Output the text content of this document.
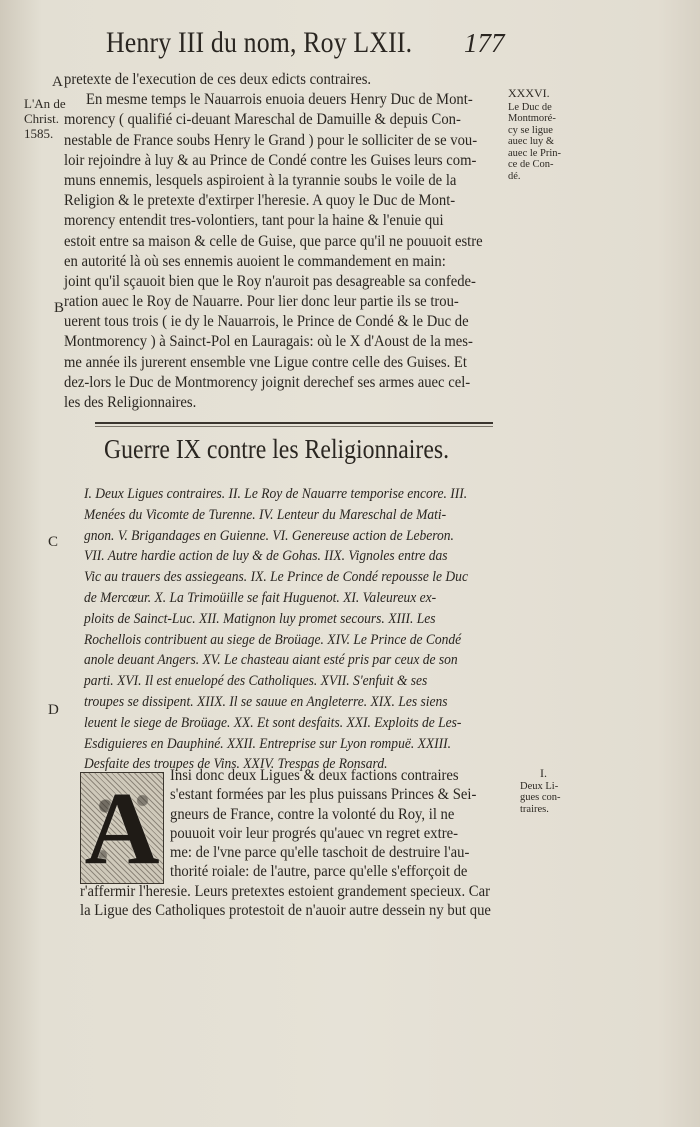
Henry III du nom, Roy LXII. 177
A
L'An de
Christ.
1585.
B
C
D
XXXVI.
Le Duc de
Montmoré-
cy se ligue
auec luy &
auec le Prin-
ce de Con-
dé.
pretexte de l'execution de ces deux edicts contraires.
En mesme temps le Nauarrois enuoia deuers Henry Duc de Mont-
morency ( qualifié ci-deuant Mareschal de Damuille & depuis Con-
nestable de France soubs Henry le Grand ) pour le solliciter de se vou-
loir rejoindre à luy & au Prince de Condé contre les Guises leurs com-
muns ennemis, lesquels aspiroient à la tyrannie soubs le voile de la
Religion & le pretexte d'extirper l'heresie. A quoy le Duc de Mont-
morency entendit tres-volontiers, tant pour la haine & l'enuie qui
estoit entre sa maison & celle de Guise, que parce qu'il ne pouuoit estre
en autorité là où ses ennemis auoient le commandement en main:
joint qu'il sçauoit bien que le Roy n'auroit pas desagreable sa confede-
ration auec le Roy de Nauarre. Pour lier donc leur partie ils se trou-
uerent tous trois ( ie dy le Nauarrois, le Prince de Condé & le Duc de
Montmorency ) à Sainct-Pol en Lauragais: où le X d'Aoust de la mes-
me année ils jurerent ensemble vne Ligue contre celle des Guises. Et
dez-lors le Duc de Montmorency joignit derechef ses armes auec cel-
les des Religionnaires.
Guerre IX contre les Religionnaires.
I. Deux Ligues contraires. II. Le Roy de Nauarre temporise encore. III.
Menées du Vicomte de Turenne. IV. Lenteur du Mareschal de Mati-
gnon. V. Brigandages en Guienne. VI. Genereuse action de Leberon.
VII. Autre hardie action de luy & de Gohas. IIX. Vignoles entre das
Vic au trauers des assiegeans. IX. Le Prince de Condé repousse le Duc
de Mercœur. X. La Trimoüille se fait Huguenot. XI. Valeureux ex-
ploits de Sainct-Luc. XII. Matignon luy promet secours. XIII. Les
Rochellois contribuent au siege de Broüage. XIV. Le Prince de Condé
anole deuant Angers. XV. Le chasteau aiant esté pris par ceux de son
parti. XVI. Il est enuelopé des Catholiques. XVII. S'enfuit & ses
troupes se dissipent. XIIX. Il se sauue en Angleterre. XIX. Les siens
leuent le siege de Broüage. XX. Et sont desfaits. XXI. Exploits de Les-
Esdiguieres en Dauphiné. XXII. Entreprise sur Lyon rompuë. XXIII.
Desfaite des troupes de Vins. XXIV. Trespas de Ronsard.
I.
Deux Li-
gues con-
traires.
A Insi donc deux Ligues & deux factions contraires
s'estant formées par les plus puissans Princes & Sei-
gneurs de France, contre la volonté du Roy, il ne
pouuoit voir leur progrés qu'auec vn regret extre-
me: de l'vne parce qu'elle taschoit de destruire l'au-
thorité roiale: de l'autre, parce qu'elle s'efforçoit de
r'affermir l'heresie. Leurs pretextes estoient grandement specieux. Car
la Ligue des Catholiques protestoit de n'auoir autre dessein ny but que
